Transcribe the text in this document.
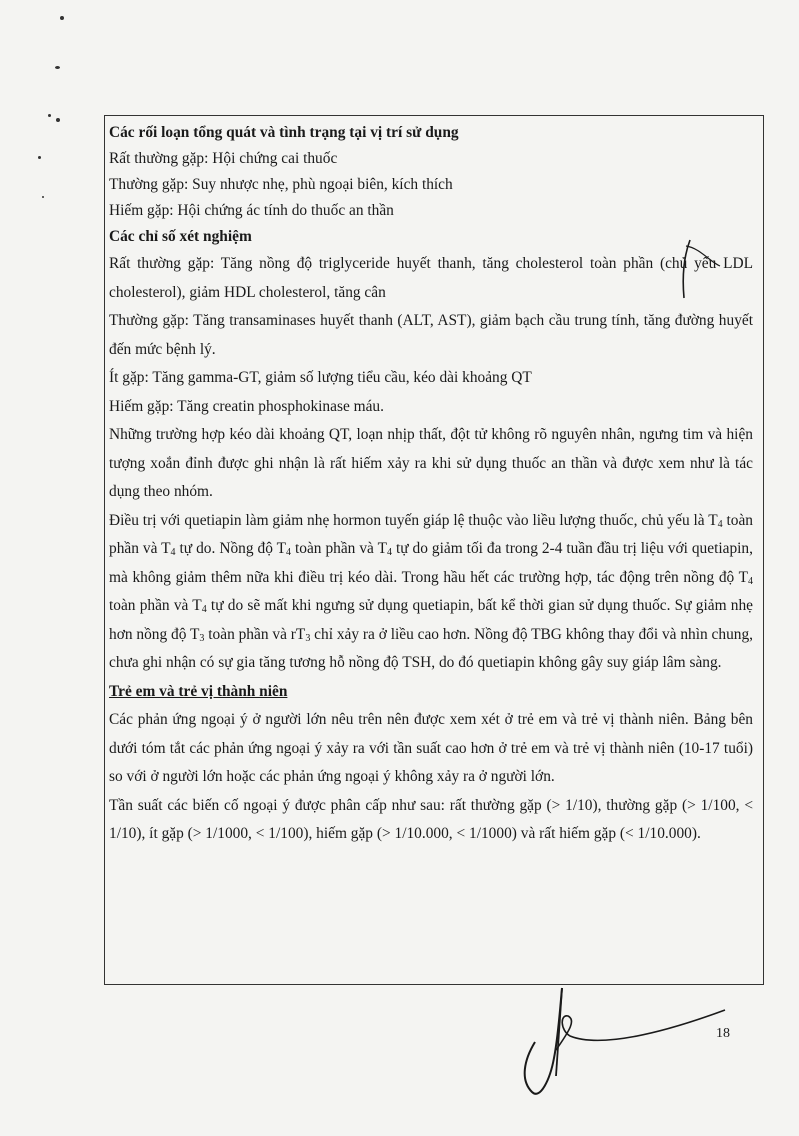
Các rối loạn tổng quát và tình trạng tại vị trí sử dụng

Rất thường gặp: Hội chứng cai thuốc

Thường gặp: Suy nhược nhẹ, phù ngoại biên, kích thích

Hiếm gặp: Hội chứng ác tính do thuốc an thần

Các chỉ số xét nghiệm

Rất thường gặp: Tăng nồng độ triglyceride huyết thanh, tăng cholesterol toàn phần (chủ yếu LDL cholesterol), giảm HDL cholesterol, tăng cân

Thường gặp: Tăng transaminases huyết thanh (ALT, AST), giảm bạch cầu trung tính, tăng đường huyết đến mức bệnh lý.

Ít gặp: Tăng gamma-GT, giảm số lượng tiểu cầu, kéo dài khoảng QT

Hiếm gặp: Tăng creatin phosphokinase máu.

Những trường hợp kéo dài khoảng QT, loạn nhịp thất, đột tử không rõ nguyên nhân, ngưng tim và hiện tượng xoắn đỉnh được ghi nhận là rất hiếm xảy ra khi sử dụng thuốc an thần và được xem như là tác dụng theo nhóm.

Điều trị với quetiapin làm giảm nhẹ hormon tuyến giáp lệ thuộc vào liều lượng thuốc, chủ yếu là $T_4$ toàn phần và $T_4$ tự do. Nồng độ $T_4$ toàn phần và $T_4$ tự do giảm tối đa trong 2-4 tuần đầu trị liệu với quetiapin, mà không giảm thêm nữa khi điều trị kéo dài. Trong hầu hết các trường hợp, tác động trên nồng độ $T_4$ toàn phần và $T_4$ tự do sẽ mất khi ngưng sử dụng quetiapin, bất kể thời gian sử dụng thuốc. Sự giảm nhẹ hơn nồng độ $T_3$ toàn phần và $rT_3$ chỉ xảy ra ở liều cao hơn. Nồng độ TBG không thay đổi và nhìn chung, chưa ghi nhận có sự gia tăng tương hỗ nồng độ TSH, do đó quetiapin không gây suy giáp lâm sàng.

Trẻ em và trẻ vị thành niên

Các phản ứng ngoại ý ở người lớn nêu trên nên được xem xét ở trẻ em và trẻ vị thành niên. Bảng bên dưới tóm tắt các phản ứng ngoại ý xảy ra với tần suất cao hơn ở trẻ em và trẻ vị thành niên (10-17 tuổi) so với ở người lớn hoặc các phản ứng ngoại ý không xảy ra ở người lớn.

Tần suất các biến cố ngoại ý được phân cấp như sau: rất thường gặp (> 1/10), thường gặp (> 1/100, < 1/10), ít gặp (> 1/1000, < 1/100), hiếm gặp (> 1/10.000, < 1/1000) và rất hiếm gặp (< 1/10.000).

18
